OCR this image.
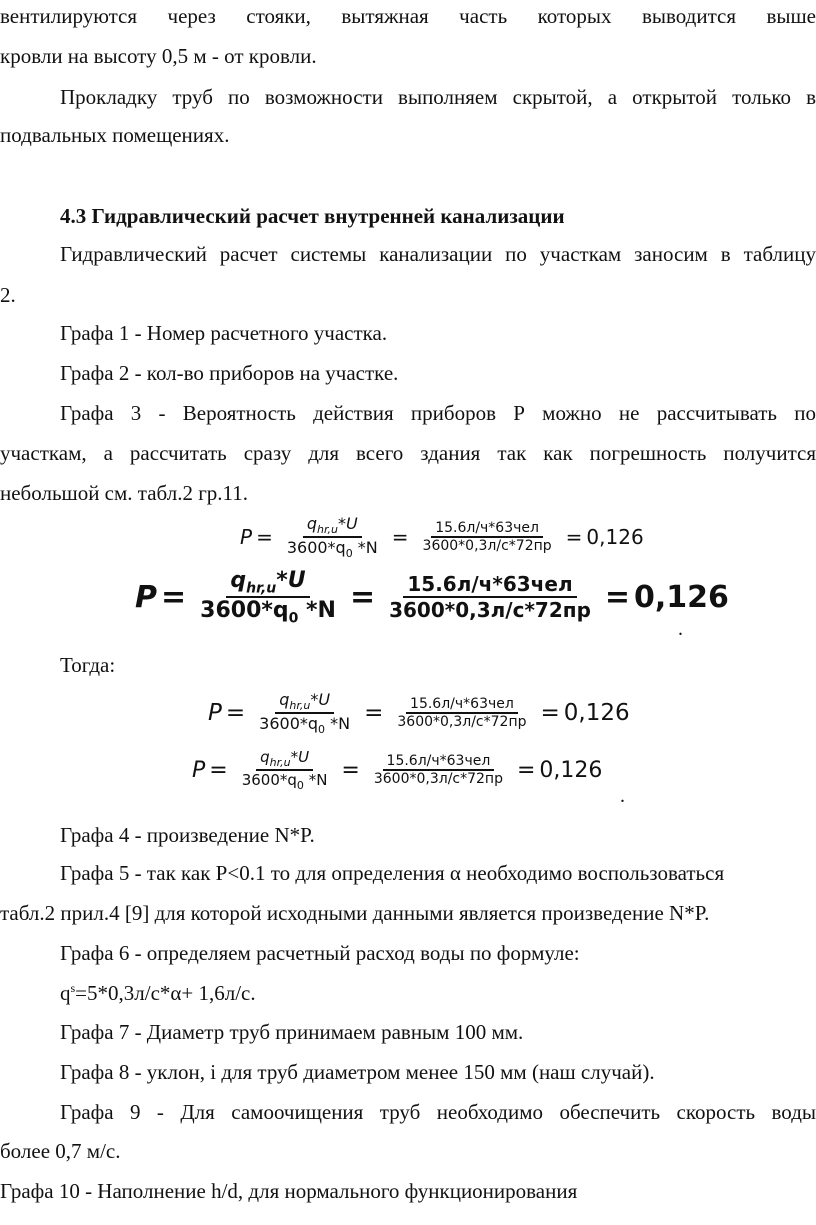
вентилируются через стояки, вытяжная часть которых выводится выше
кровли на высоту 0,5 м - от кровли.
Прокладку труб по возможности выполняем скрытой, а открытой только в
подвальных помещениях.
4.3 Гидравлический расчет внутренней канализации
Гидравлический расчет системы канализации по участкам заносим в таблицу
2.
Графа 1 - Номер расчетного участка.
Графа 2 - кол-во приборов на участке.
Графа 3 - Вероятность действия приборов Р можно не рассчитывать по
участкам, а рассчитать сразу для всего здания так как погрешность получится
небольшой см. табл.2 гр.11.
$P = \frac{q_{hr,u}*U}{3600*q_0 *N} = \frac{\text{15.6л/ч*63чел}}{3600*0,3л/с*72пр} = 0,126$
$P = \frac{q_{hr,u}*U}{3600*q_0 *N} = \frac{\text{15.6л/ч*63чел}}{3600*0,3л/с*72пр} = 0,126$
.
Тогда:
$P = \frac{q_{hr,u}*U}{3600*q_0 *N} = \frac{\text{15.6л/ч*63чел}}{3600*0,3л/с*72пр} = 0,126$
$P = \frac{q_{hr,u}*U}{3600*q_0 *N} = \frac{\text{15.6л/ч*63чел}}{3600*0,3л/с*72пр} = 0,126$
.
Графа 4 - произведение N*P.
Графа 5 - так как P<0.1 то для определения α необходимо воспользоваться
табл.2 прил.4 [9] для которой исходными данными является произведение N*P.
Графа 6 - определяем расчетный расход воды по формуле:
$q^s=5*0,3л/с*\alpha+ 1,6л/с$.
Графа 7 - Диаметр труб принимаем равным 100 мм.
Графа 8 - уклон, i для труб диаметром менее 150 мм (наш случай).
Графа 9 - Для самоочищения труб необходимо обеспечить скорость воды
более 0,7 м/с.
Графа 10 - Наполнение h/d, для нормального функционирования
